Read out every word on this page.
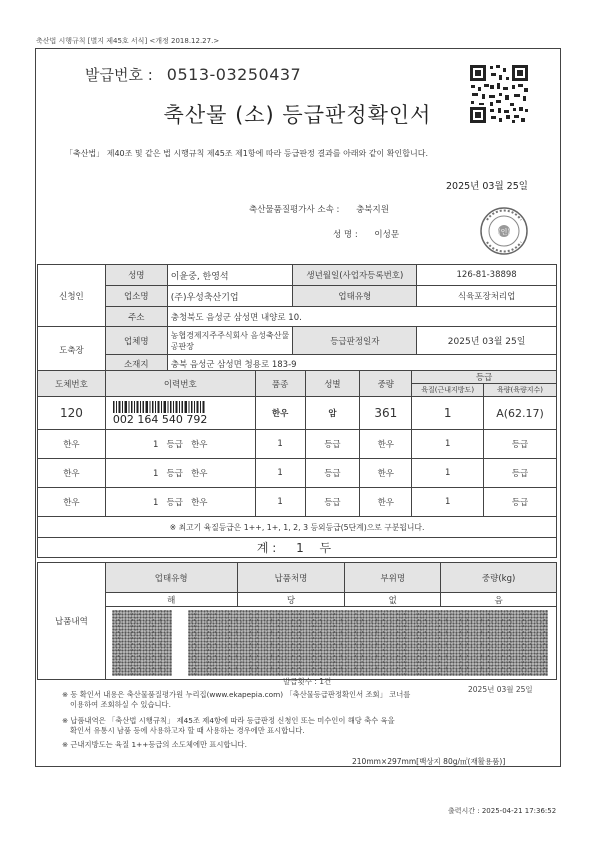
축산법 시행규칙 [별지 제45호 서식] <개정 2018.12.27.>
발급번호 : 0513-03250437
축산물 (소) 등급판정확인서
「축산법」 제40조 및 같은 법 시행규칙 제45조 제1항에 따라 등급판정 결과를 아래와 같이 확인합니다.
2025년 03월 25일
축산물품질평가사 소속 : 충북지원
성 명 : 이성문	(인)
신청인	성명	이윤중, 한영석	생년월일(사업자등록번호)	126-81-38898
	업소명	(주)우성축산기업	업태유형	식육포장처리업
	주소	충청북도 음성군 삼성면 내양로 10.		
도축장	업체명	농협경제지주주식회사 음성축산물공판장	등급판정일자	2025년 03월 25일
	소재지	충북 음성군 삼성면 청용로 183-9		
도체번호	이력번호	품종	성별	중량	등급	
					육질(근내지방도)	육량(육량지수)
120	002 164 540 792	한우	암	361	1	A(62.17)
한우	1 등급 한우	1	등급	한우	1	등급
한우	1 등급 한우	1	등급	한우	1	등급
한우	1 등급 한우	1	등급	한우	1	등급
※ 최고기 육질등급은 1++, 1+, 1, 2, 3 등외등급(5단계)으로 구분됩니다.						
계 : 1 두						
납품내역	업태유형	납품처명	부위명	중량(kg)
	해	당	없	음

발급횟수 : 1건
2025년 03월 25일
※ 동 확인서 내용은 축산물품질평가원 누리집(www.ekapepia.com) 「축산물등급판정확인서 조회」 코너를
이용하여 조회하실 수 있습니다.
※ 납품내역은 「축산법 시행규칙」 제45조 제4항에 따라 등급판정 신청인 또는 미수인이 해당 축수 육을
확인서 유통시 남품 등에 사용하고자 할 때 사용하는 경우에만 표시합니다.
※ 근내지방도는 육질 1++등급의 소도체에만 표시합니다.
210mm×297mm[백상지 80g/㎡(재활용품)]
출력시간 : 2025-04-21 17:36:52
